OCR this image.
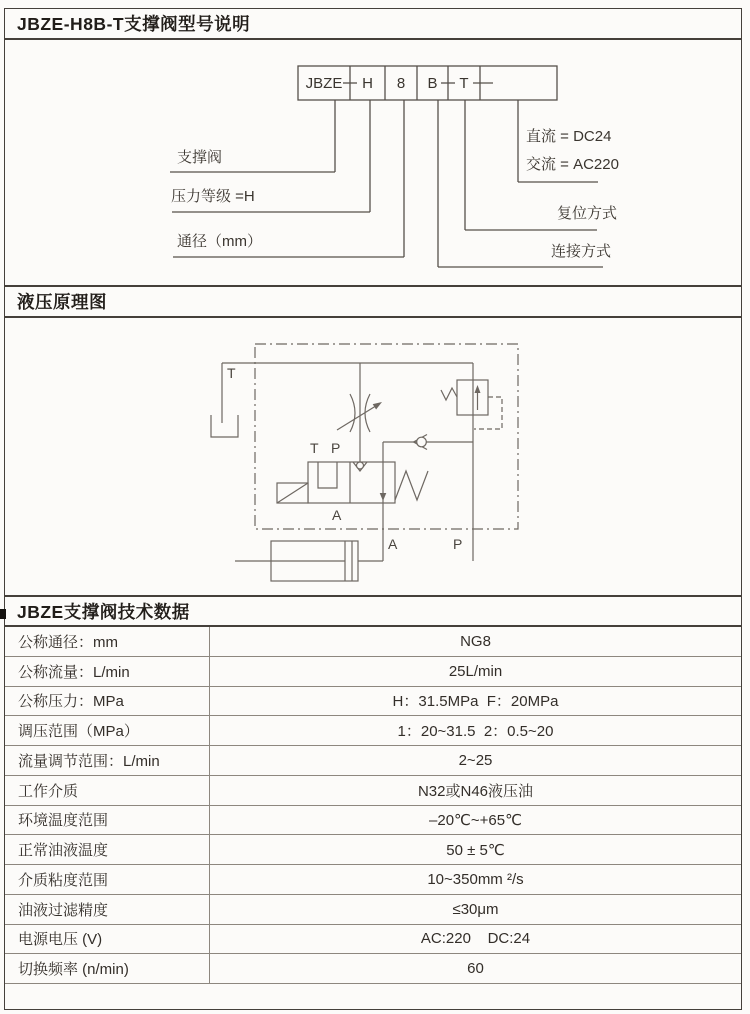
JBZE-H8B-T支撑阀型号说明
液压原理图
JBZE支撑阀技术数据
公称通径：mm	NG8
公称流量：L/min	25L/min
公称压力：MPa	H：31.5MPa  F：20MPa
调压范围（MPa）	1：20~31.5  2：0.5~20
流量调节范围：L/min	2~25
工作介质	N32或N46液压油
环境温度范围	–20℃~+65℃
正常油液温度	50 ± 5℃
介质粘度范围	10~350mm ²/s
油液过滤精度	≤30μm
电源电压 (V)	AC:220    DC:24
切换频率 (n/min)	60
JBZE	H	8	B	T
支撑阀
压力等级 =H
通径（mm）
直流 = DC24
交流 = AC220
复位方式
连接方式
T
T P
A
A	P
